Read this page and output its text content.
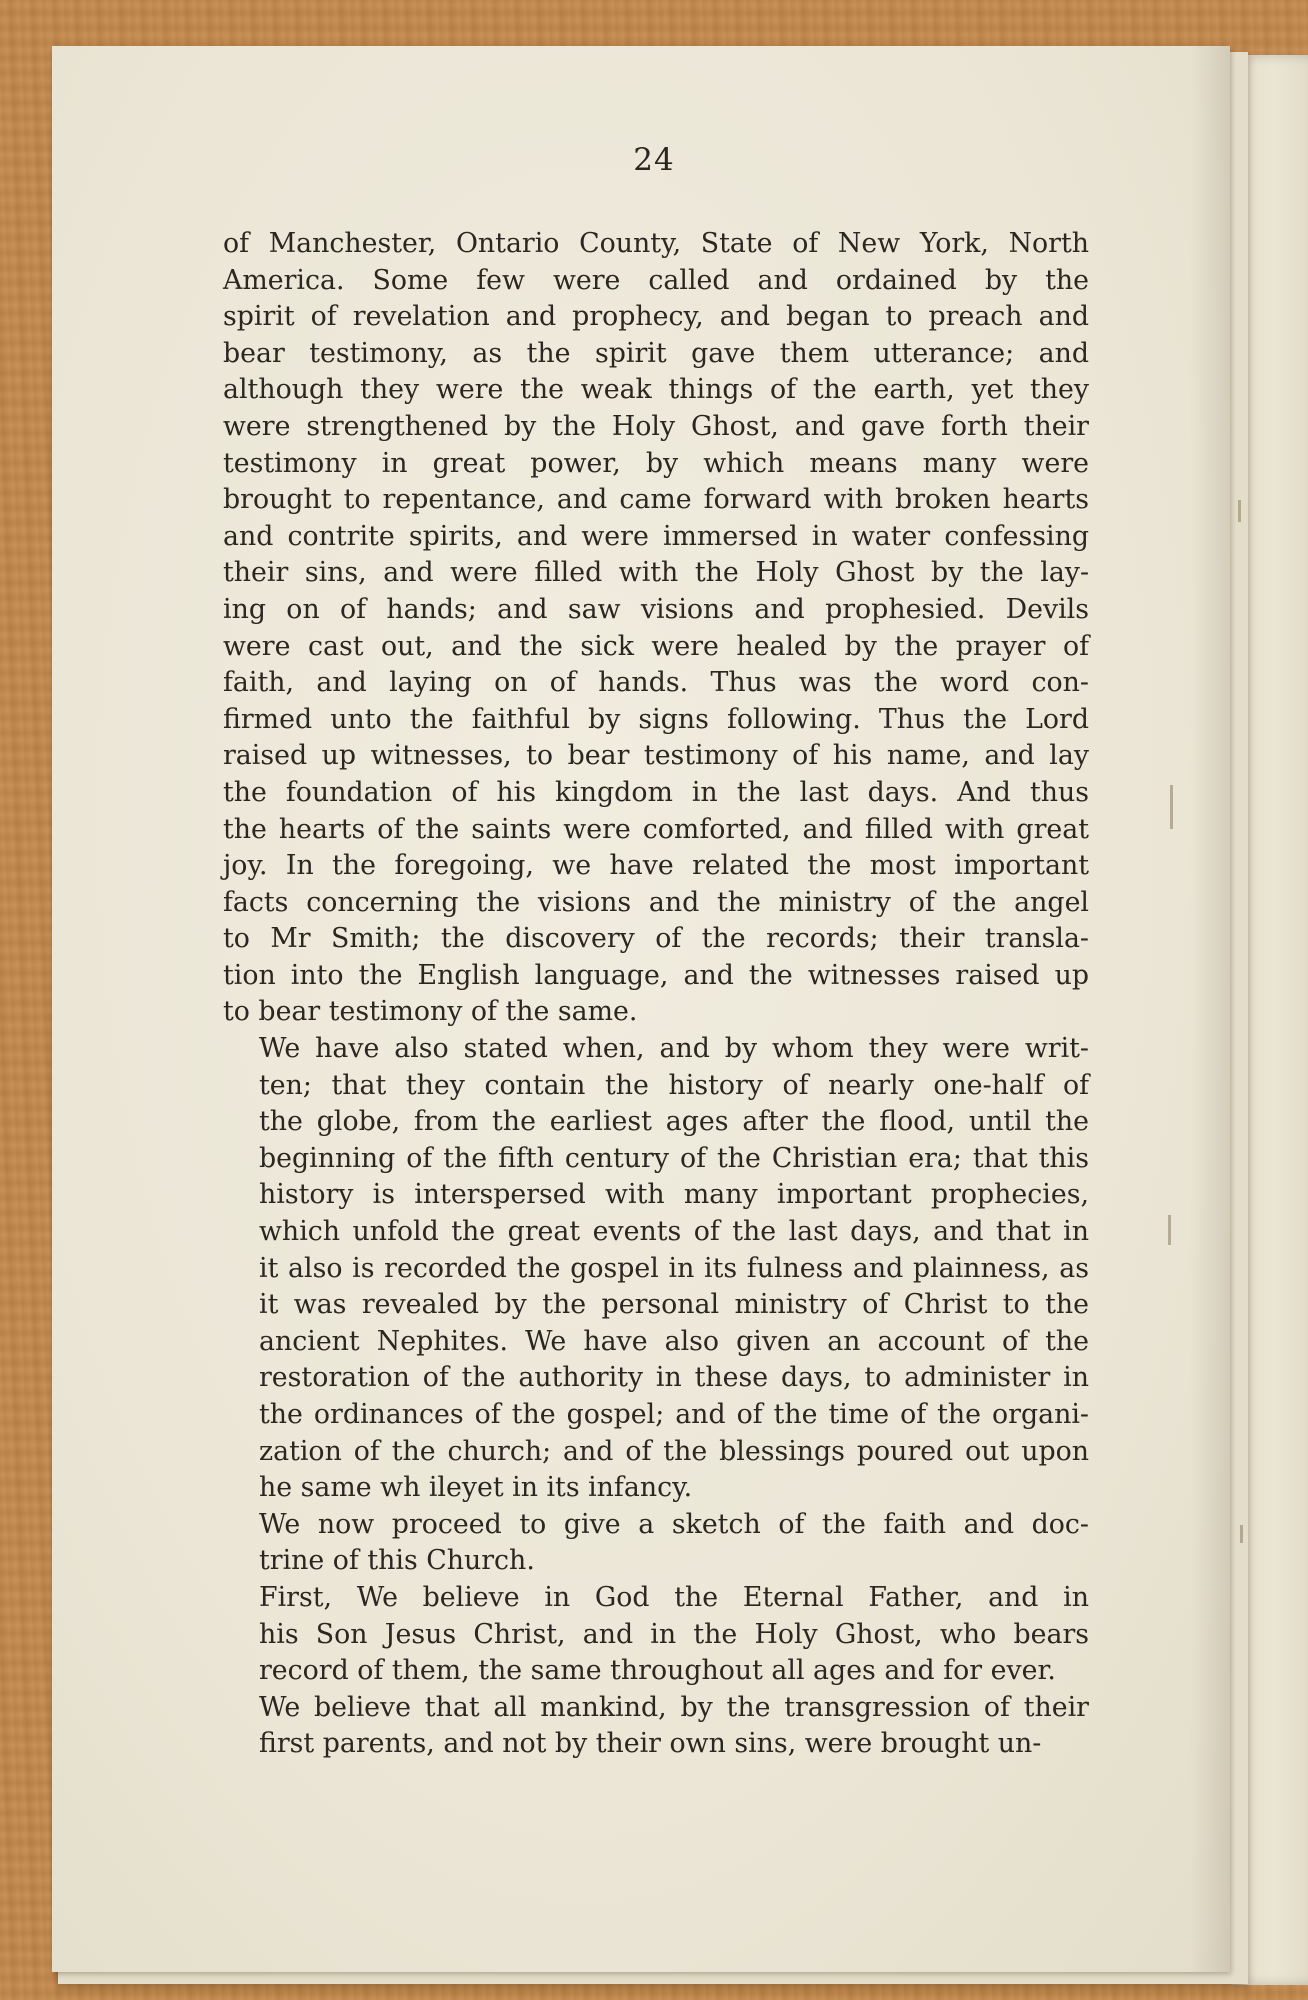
24

of Manchester, Ontario County, State of New York, North
America. Some few were called and ordained by the
spirit of revelation and prophecy, and began to preach and
bear testimony, as the spirit gave them utterance; and
although they were the weak things of the earth, yet they
were strengthened by the Holy Ghost, and gave forth their
testimony in great power, by which means many were
brought to repentance, and came forward with broken hearts
and contrite spirits, and were immersed in water confessing
their sins, and were filled with the Holy Ghost by the lay-
ing on of hands; and saw visions and prophesied. Devils
were cast out, and the sick were healed by the prayer of
faith, and laying on of hands. Thus was the word con-
firmed unto the faithful by signs following. Thus the Lord
raised up witnesses, to bear testimony of his name, and lay
the foundation of his kingdom in the last days. And thus
the hearts of the saints were comforted, and filled with great
joy. In the foregoing, we have related the most important
facts concerning the visions and the ministry of the angel
to Mr Smith; the discovery of the records; their transla-
tion into the English language, and the witnesses raised up
to bear testimony of the same.

We have also stated when, and by whom they were writ-
ten; that they contain the history of nearly one-half of
the globe, from the earliest ages after the flood, until the
beginning of the fifth century of the Christian era; that this
history is interspersed with many important prophecies,
which unfold the great events of the last days, and that in
it also is recorded the gospel in its fulness and plainness, as
it was revealed by the personal ministry of Christ to the
ancient Nephites. We have also given an account of the
restoration of the authority in these days, to administer in
the ordinances of the gospel; and of the time of the organi-
zation of the church; and of the blessings poured out upon
he same wh ileyet in its infancy.

We now proceed to give a sketch of the faith and doc-
trine of this Church.

First, We believe in God the Eternal Father, and in
his Son Jesus Christ, and in the Holy Ghost, who bears
record of them, the same throughout all ages and for ever.

We believe that all mankind, by the transgression of their
first parents, and not by their own sins, were brought un-
